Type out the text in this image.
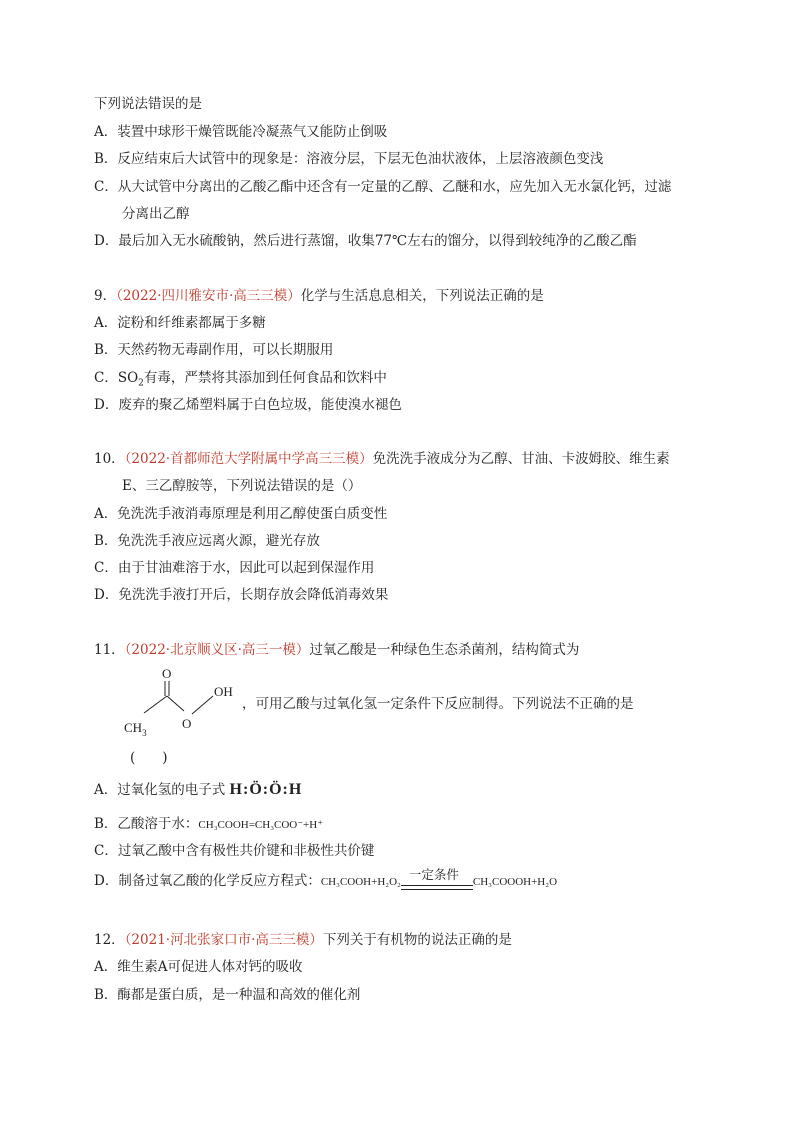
下列说法错误的是
A．装置中球形干燥管既能冷凝蒸气又能防止倒吸
B．反应结束后大试管中的现象是：溶液分层，下层无色油状液体，上层溶液颜色变浅
C．从大试管中分离出的乙酸乙酯中还含有一定量的乙醇、乙醚和水，应先加入无水氯化钙，过滤
分离出乙醇
D．最后加入无水硫酸钠，然后进行蒸馏，收集77℃左右的馏分，以得到较纯净的乙酸乙酯
9．（2022·四川雅安市·高三三模）化学与生活息息相关，下列说法正确的是
A．淀粉和纤维素都属于多糖
B．天然药物无毒副作用，可以长期服用
C．$SO_2$有毒，严禁将其添加到任何食品和饮料中
D．废弃的聚乙烯塑料属于白色垃圾，能使溴水褪色
10．（2022·首都师范大学附属中学高三三模）免洗洗手液成分为乙醇、甘油、卡波姆胶、维生素
E、三乙醇胺等，下列说法错误的是（）
A．免洗洗手液消毒原理是利用乙醇使蛋白质变性
B．免洗洗手液应远离火源，避光存放
C．由于甘油难溶于水，因此可以起到保湿作用
D．免洗洗手液打开后，长期存放会降低消毒效果
11．（2022·北京顺义区·高三一模）过氧乙酸是一种绿色生态杀菌剂，结构简式为
O
O
OH
$CH_3$
，可用乙酸与过氧化氢一定条件下反应制得。下列说法不正确的是
(　　)
A．过氧化氢的电子式 H:Ö:Ö:H
B．乙酸溶于水：CH₃COOH=CH₃COO⁻+H⁺
C．过氧乙酸中含有极性共价键和非极性共价键
D．制备过氧乙酸的化学反应方程式：CH₃COOH+H₂O₂ 一定条件 CH₃COOOH+H₂O
12．（2021·河北张家口市·高三三模）下列关于有机物的说法正确的是
A．维生素A可促进人体对钙的吸收
B．酶都是蛋白质，是一种温和高效的催化剂
